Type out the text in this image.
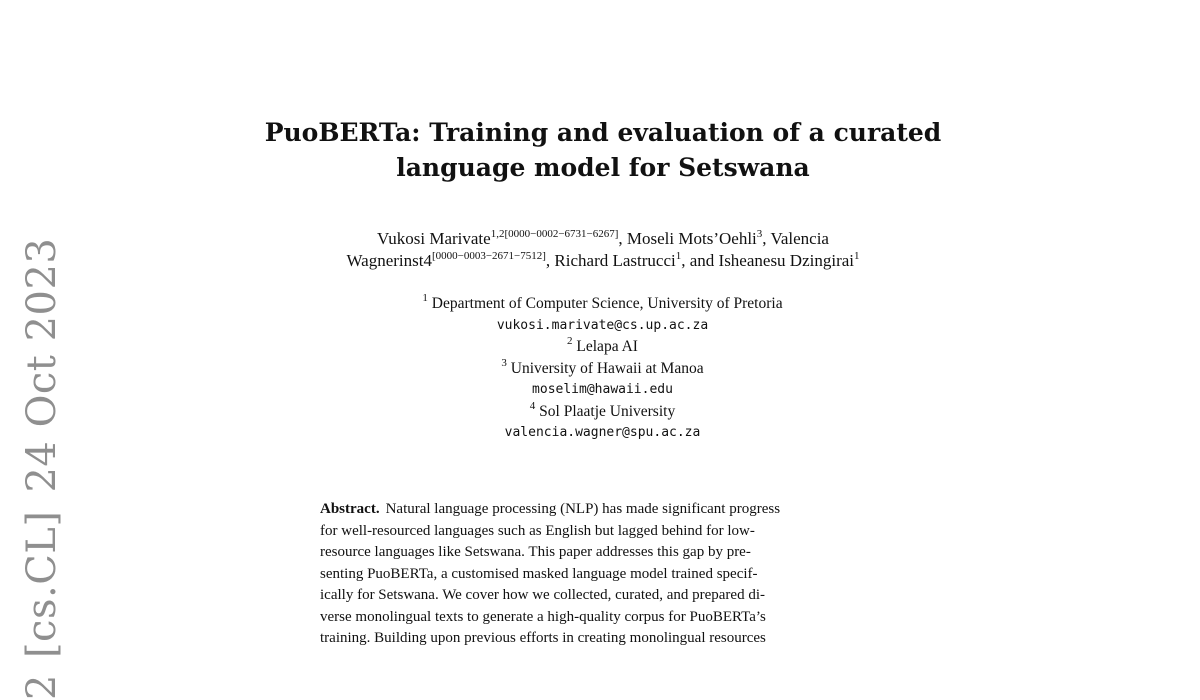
2[cs.CL]24 Oct 2023
PuoBERTa: Training and evaluation of a curated
language model for Setswana
Vukosi Marivate$^{1,2[0000-0002-6731-6267]}$, Moseli Mots’Oehli$^3$, Valencia
Wagnerinst4[0000−0003−2671−7512], Richard Lastrucci$^1$, and Isheanesu Dzingirai$^1$
$^1$ Department of Computer Science, University of Pretoria
vukosi.marivate@cs.up.ac.za
$^2$ Lelapa AI
$^3$ University of Hawaii at Manoa
moselim@hawaii.edu
$^4$ Sol Plaatje University
valencia.wagner@spu.ac.za
Abstract. Natural language processing (NLP) has made significant progress
for well-resourced languages such as English but lagged behind for low-
resource languages like Setswana. This paper addresses this gap by pre-
senting PuoBERTa, a customised masked language model trained specif-
ically for Setswana. We cover how we collected, curated, and prepared di-
verse monolingual texts to generate a high-quality corpus for PuoBERTa’s
training. Building upon previous efforts in creating monolingual resources
